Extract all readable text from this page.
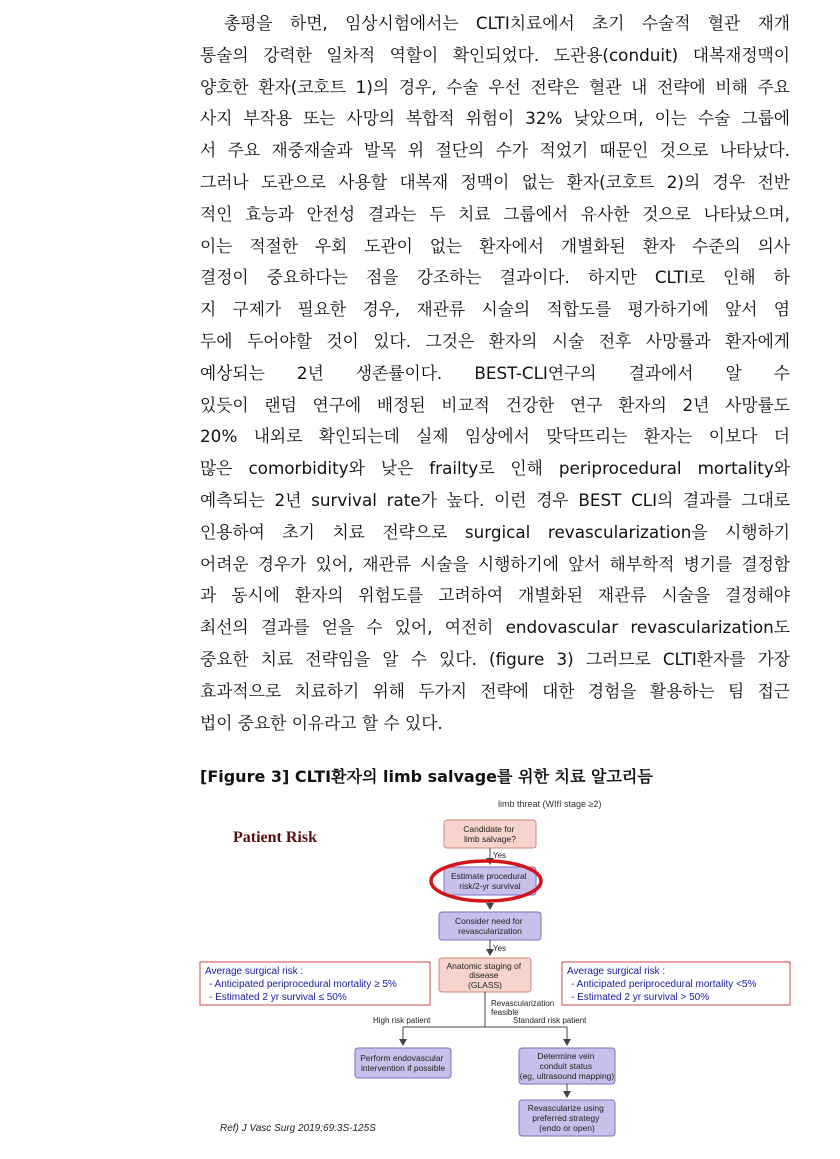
총평을 하면, 임상시험에서는 CLTI치료에서 초기 수술적 혈관 재개
통술의 강력한 일차적 역할이 확인되었다. 도관용(conduit) 대복재정맥이
양호한 환자(코호트 1)의 경우, 수술 우선 전략은 혈관 내 전략에 비해 주요
사지 부작용 또는 사망의 복합적 위험이 32% 낮았으며, 이는 수술 그룹에
서 주요 재중재술과 발목 위 절단의 수가 적었기 때문인 것으로 나타났다.
그러나 도관으로 사용할 대복재 정맥이 없는 환자(코호트 2)의 경우 전반
적인 효능과 안전성 결과는 두 치료 그룹에서 유사한 것으로 나타났으며,
이는 적절한 우회 도관이 없는 환자에서 개별화된 환자 수준의 의사
결정이 중요하다는 점을 강조하는 결과이다. 하지만 CLTI로 인해 하
지 구제가 필요한 경우, 재관류 시술의 적합도를 평가하기에 앞서 염
두에 두어야할 것이 있다. 그것은 환자의 시술 전후 사망률과 환자에게
예상되는 2년 생존률이다. BEST-CLI연구의 결과에서 알 수
있듯이 랜덤 연구에 배정된 비교적 건강한 연구 환자의 2년 사망률도
20% 내외로 확인되는데 실제 임상에서 맞닥뜨리는 환자는 이보다 더
많은 comorbidity와 낮은 frailty로 인해 periprocedural mortality와
예측되는 2년 survival rate가 높다. 이런 경우 BEST CLI의 결과를 그대로
인용하여 초기 치료 전략으로 surgical revascularization을 시행하기
어려운 경우가 있어, 재관류 시술을 시행하기에 앞서 해부학적 병기를 결정함
과 동시에 환자의 위험도를 고려하여 개별화된 재관류 시술을 결정해야
최선의 결과를 얻을 수 있어, 여전히 endovascular revascularization도
중요한 치료 전략임을 알 수 있다. (figure 3) 그러므로 CLTI환자를 가장
효과적으로 치료하기 위해 두가지 전략에 대한 경험을 활용하는 팀 접근
법이 중요한 이유라고 할 수 있다.
[Figure 3] CLTI환자의 limb salvage를 위한 치료 알고리듬
limb threat (WIfI stage ≥2)
Patient Risk	Candidate for limb salvage?
Yes
Estimate procedural risk/2-yr survival
Consider need for revascularization
Yes
Anatomic staging of disease (GLASS)
Average surgical risk : - Anticipated periprocedural mortality ≥ 5% - Estimated 2 yr survival ≤ 50%
Average surgical risk : - Anticipated periprocedural mortality <5% - Estimated 2 yr survival > 50%
Revascularization feasible
High risk patient	Standard risk patient
Perform endovascular intervention if possible
Determine vein conduit status (eg, ultrasound mapping)
Revascularize using preferred strategy (endo or open)
Ref) J Vasc Surg 2019;69:3S-125S
